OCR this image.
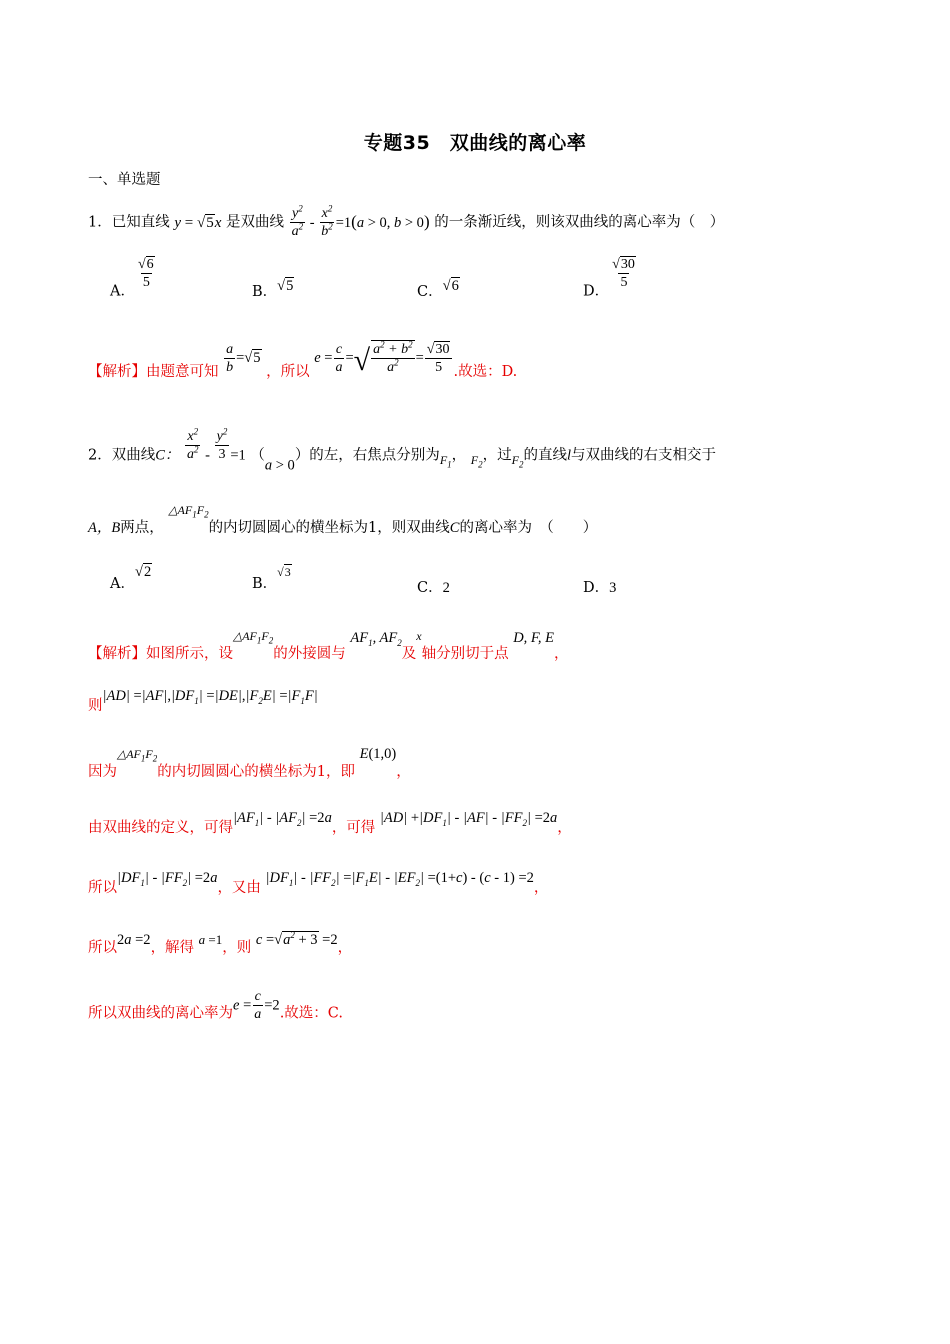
专题35　双曲线的离心率
一、单选题
1．已知直线 y = √5x 是双曲线 $\frac{y^2}{a^2} - \frac{x^2}{b^2} =1(a > 0$, b > 0) 的一条渐近线，则该双曲线的离心率为（　）
A．
$\frac{√6}{5}$
B．√5	C．√6	D．
$\frac{√30}{5}$
【解析】由题意可知 $\frac{a}{b} =√5$ ，所以 $e = \frac{c}{a}$ =√ $\frac{a^2 + b^2}{a^2} = \frac{√30}{5}$ .故选：D.
2．双曲线C： $\frac{x^2}{a^2} - \frac{y^2}{3} =1$ （a > 0）的左，右焦点分别为$_{F_1}$， $_{F_2}$，过$_{F_2}$的直线l与双曲线的右支相交于
A，B两点， $\triangle AF_1F_2$的内切圆圆心的横坐标为1，则双曲线C的离心率为　（　　）
A．√2
B．√3
C．2	D．3
【解析】如图所示，设$^{\triangle AF_1F_2}$的外接圆与 $AF_1$, $AF_2$及$^x$轴分别切于点 D, F, E，
则$|AD| =|AF|,|DF_1| =|DE|,|F_2E| =|F_1F|$
因为$^{\triangle AF_1F_2}$的内切圆圆心的横坐标为1，即 E(1,0)，
由双曲线的定义，可得$|AF_1| - |AF_2| =2a$，可得 $|AD| +|DF_1| - |AF| - |FF_2| =2a$，
所以$|DF_1| - |FF_2| =2a$，又由 $|DF_1| - |FF_2| =|F_1E| - |EF_2| =(1+c) - (c - 1) =2$，
所以2a =2，解得 a =1，则 $c =√a^2 + 3 =2$，
所以双曲线的离心率为$e = \frac{c}{a} =2$.故选：C.
